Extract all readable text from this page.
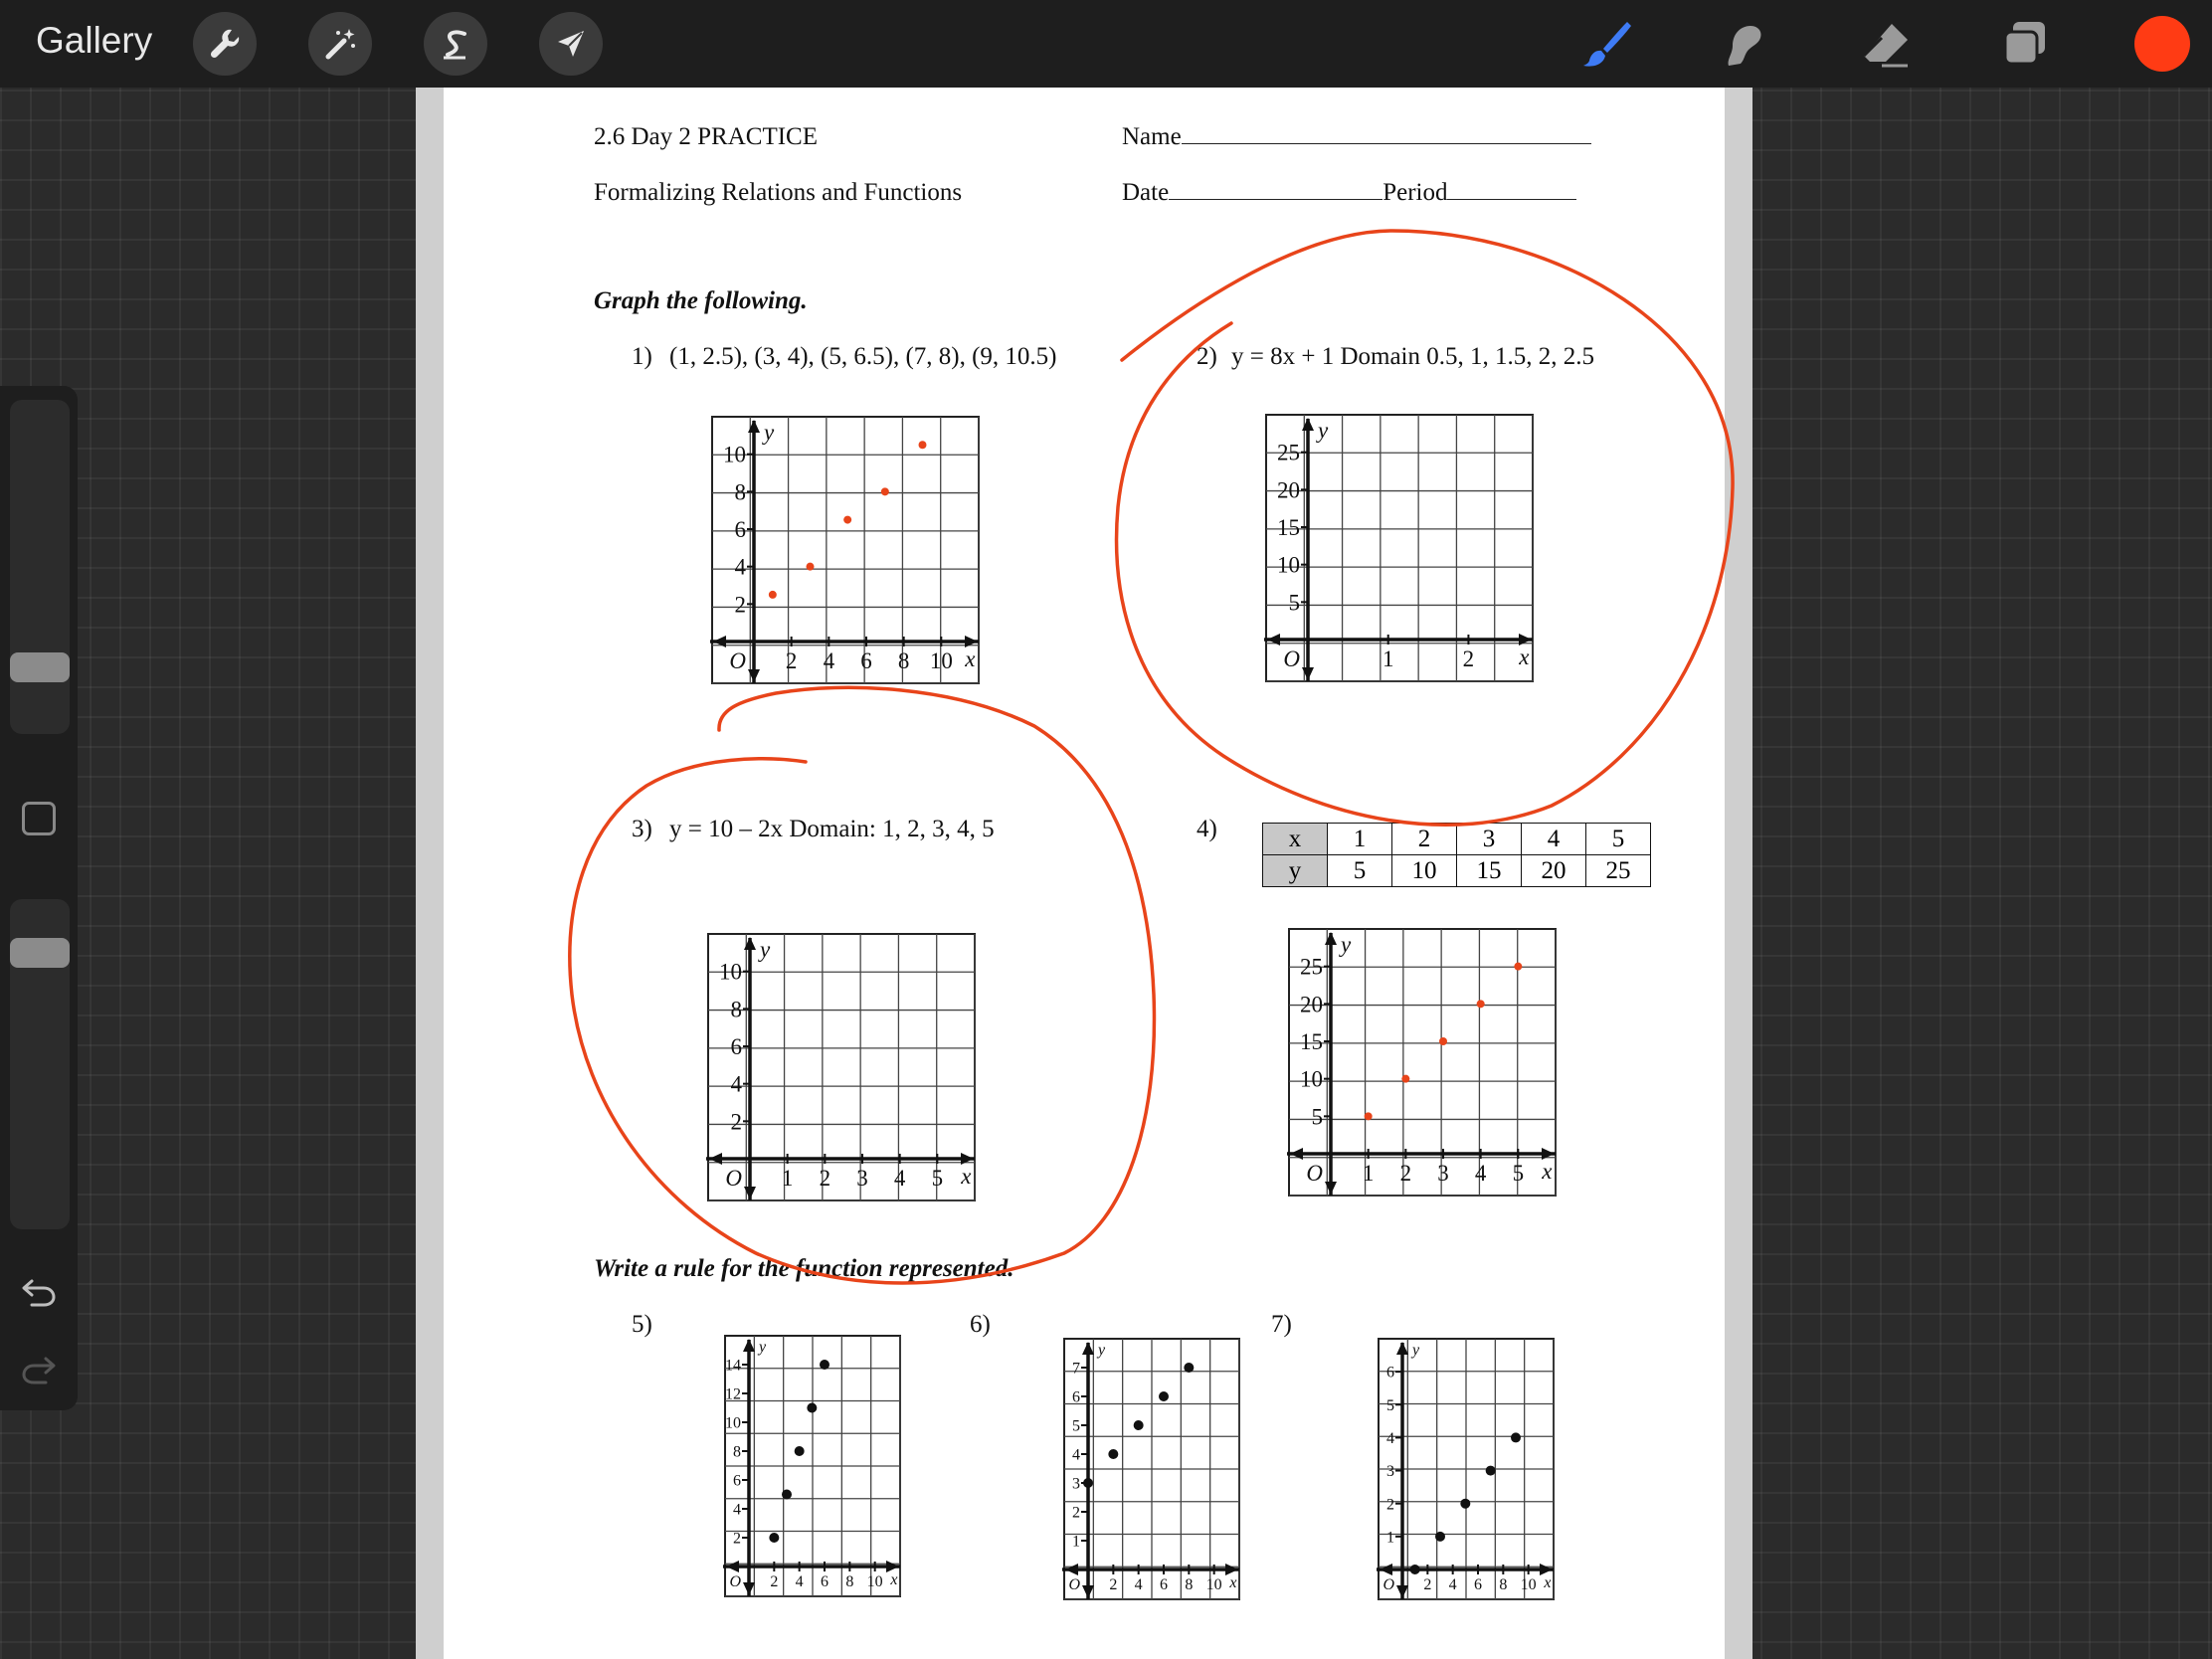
Gallery
2.6 Day 2 PRACTICE	Name
Formalizing Relations and Functions	Date	Period
Graph the following.
1) (1, 2.5), (3, 4), (5, 6.5), (7, 8), (9, 10.5)	2) y = 8x + 1 Domain 0.5, 1, 1.5, 2, 2.5
3) y = 10 – 2x Domain: 1, 2, 3, 4, 5	4)	x	1	2	3	4	5
y	5	10	15	20	25
Write a rule for the function represented.
5)	6)	7)
2 4 6 8 10
2
4
6
8
10
x
y
O	1	2
5
10
15
20
25
x
y
O
1 2 3 4 5
2
4
6
8
10
x
y
O	1 2 3 4 5
5
10
15
20
25
x
y
O
2 4 6 8 10
2
4
6
8
10
12
14
x
y
O	2 4 6 8 10
1
2
3
4
5
6
7
x
y
O	2 4 6 8 10
1
2
3
4
5
6
x
y
O
